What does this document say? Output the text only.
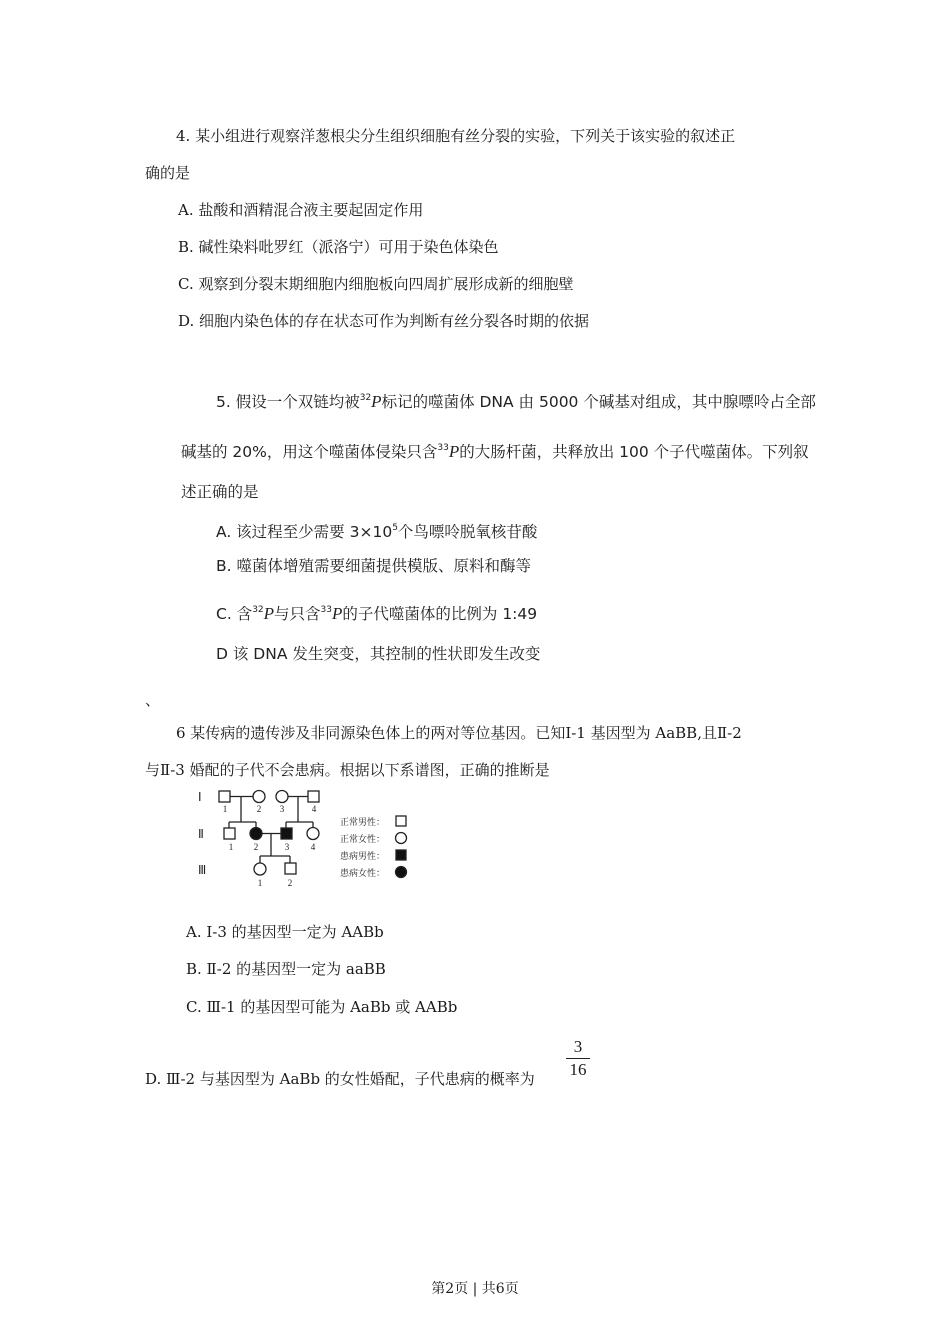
4. 某小组进行观察洋葱根尖分生组织细胞有丝分裂的实验，下列关于该实验的叙述正
确的是
A. 盐酸和酒精混合液主要起固定作用
B. 碱性染料吡罗红（派洛宁）可用于染色体染色
C. 观察到分裂末期细胞内细胞板向四周扩展形成新的细胞壁
D. 细胞内染色体的存在状态可作为判断有丝分裂各时期的依据
5. 假设一个双链均被$^{32}$P标记的噬菌体 DNA 由 5000 个碱基对组成，其中腺嘌呤占全部
碱基的 20%，用这个噬菌体侵染只含$^{33}$P的大肠杆菌，共释放出 100 个子代噬菌体。下列叙
述正确的是
A. 该过程至少需要 $3\times 10^5$个鸟嘌呤脱氧核苷酸
B. 噬菌体增殖需要细菌提供模版、原料和酶等
C. 含$^{32}$P与只含$^{33}$P的子代噬菌体的比例为 1:49
D 该 DNA 发生突变，其控制的性状即发生改变
、
6 某传病的遗传涉及非同源染色体上的两对等位基因。已知Ⅰ-1 基因型为 AaBB,且Ⅱ-2
与Ⅱ-3 婚配的子代不会患病。根据以下系谱图，正确的推断是
Ⅰ
Ⅱ
Ⅲ
1	2 3	4
1 2	3 4
1	2
正常男性：
正常女性：
患病男性：
患病女性：
A. Ⅰ-3 的基因型一定为 AABb
B. Ⅱ-2 的基因型一定为 aaBB
C. Ⅲ-1 的基因型可能为 AaBb 或 AABb
D. Ⅲ-2 与基因型为 AaBb 的女性婚配，子代患病的概率为
3
16
第2页 | 共6页
